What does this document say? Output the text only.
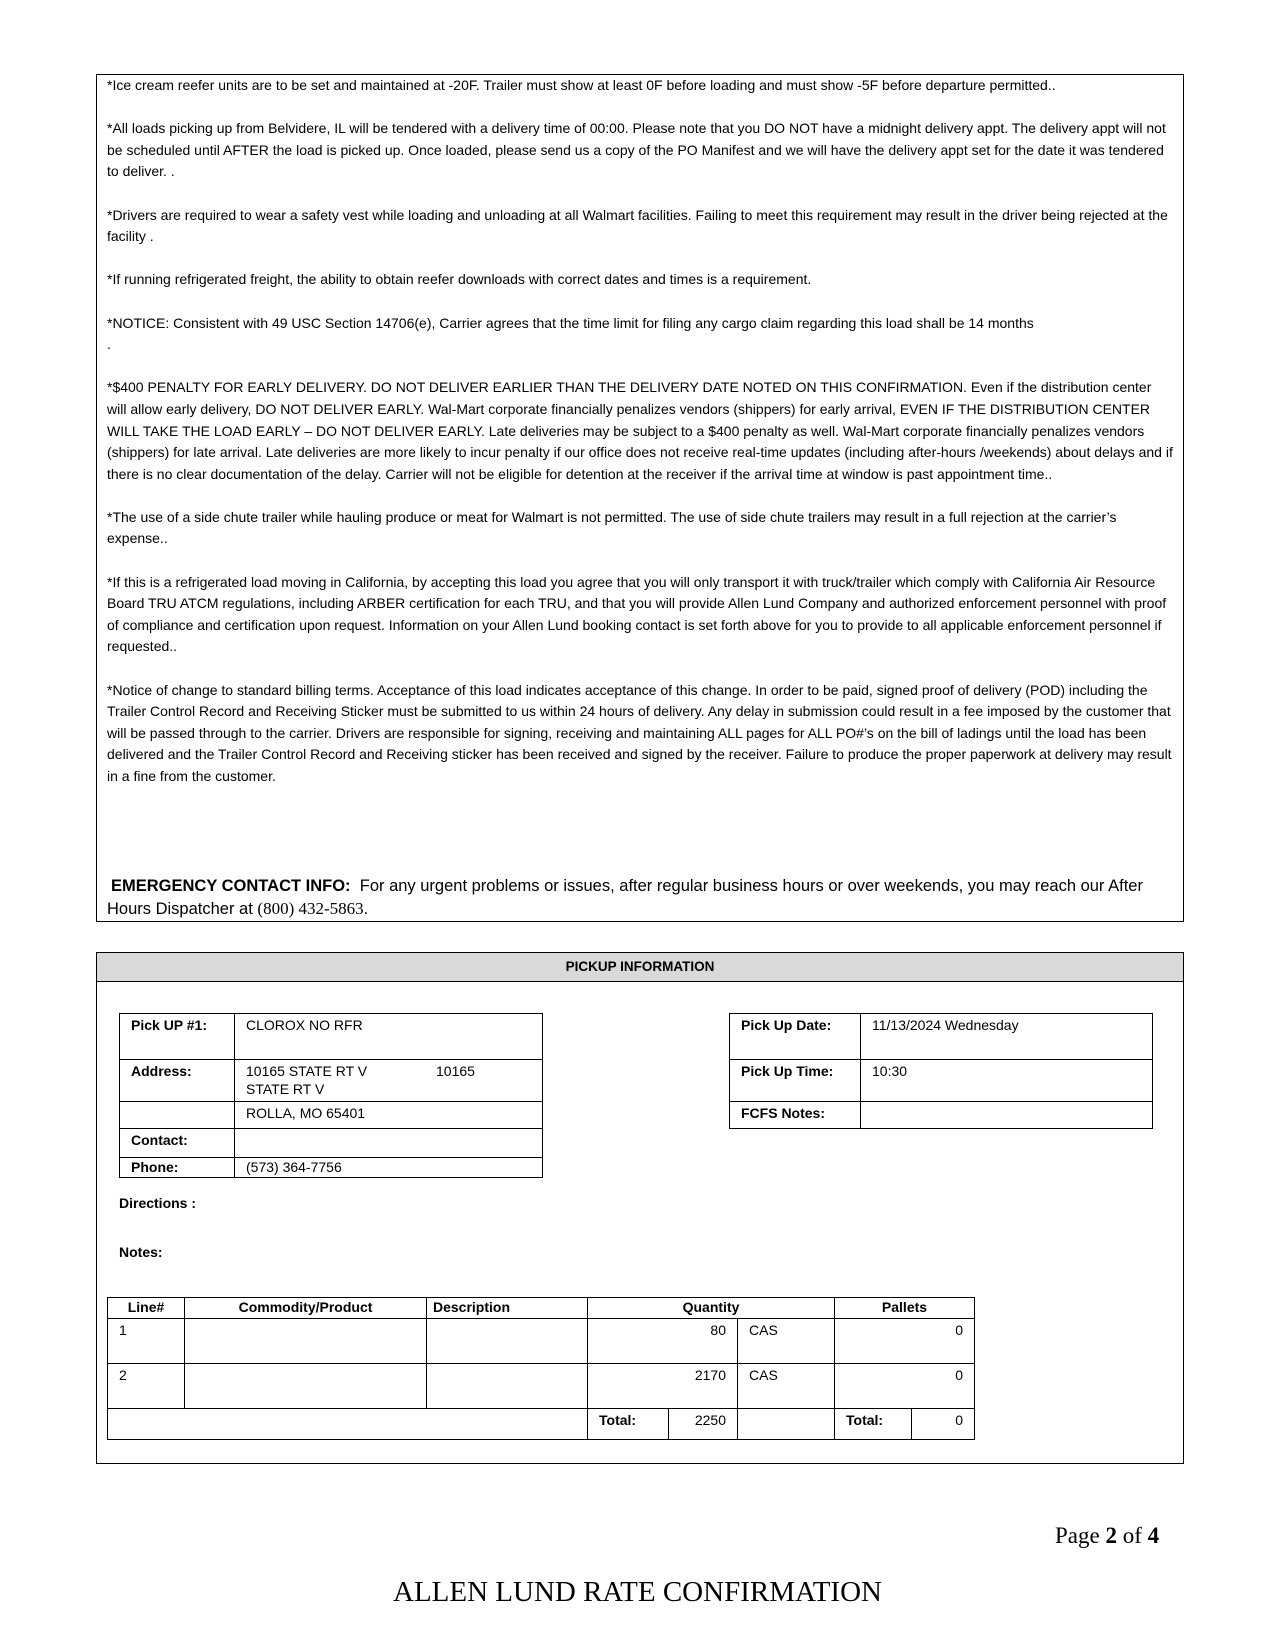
*Ice cream reefer units are to be set and maintained at -20F. Trailer must show at least 0F before loading and must show -5F before departure permitted..

*All loads picking up from Belvidere, IL will be tendered with a delivery time of 00:00. Please note that you DO NOT have a midnight delivery appt. The delivery appt will not be scheduled until AFTER the load is picked up. Once loaded, please send us a copy of the PO Manifest and we will have the delivery appt set for the date it was tendered to deliver. .

*Drivers are required to wear a safety vest while loading and unloading at all Walmart facilities. Failing to meet this requirement may result in the driver being rejected at the facility .

*If running refrigerated freight, the ability to obtain reefer downloads with correct dates and times is a requirement.

*NOTICE: Consistent with 49 USC Section 14706(e), Carrier agrees that the time limit for filing any cargo claim regarding this load shall be 14 months
.

*$400 PENALTY FOR EARLY DELIVERY. DO NOT DELIVER EARLIER THAN THE DELIVERY DATE NOTED ON THIS CONFIRMATION. Even if the distribution center will allow early delivery, DO NOT DELIVER EARLY. Wal-Mart corporate financially penalizes vendors (shippers) for early arrival, EVEN IF THE DISTRIBUTION CENTER WILL TAKE THE LOAD EARLY – DO NOT DELIVER EARLY. Late deliveries may be subject to a $400 penalty as well. Wal-Mart corporate financially penalizes vendors (shippers) for late arrival. Late deliveries are more likely to incur penalty if our office does not receive real-time updates (including after-hours /weekends) about delays and if there is no clear documentation of the delay. Carrier will not be eligible for detention at the receiver if the arrival time at window is past appointment time..

*The use of a side chute trailer while hauling produce or meat for Walmart is not permitted. The use of side chute trailers may result in a full rejection at the carrier’s expense..

*If this is a refrigerated load moving in California, by accepting this load you agree that you will only transport it with truck/trailer which comply with California Air Resource Board TRU ATCM regulations, including ARBER certification for each TRU, and that you will provide Allen Lund Company and authorized enforcement personnel with proof of compliance and certification upon request. Information on your Allen Lund booking contact is set forth above for you to provide to all applicable enforcement personnel if requested..

*Notice of change to standard billing terms. Acceptance of this load indicates acceptance of this change. In order to be paid, signed proof of delivery (POD) including the Trailer Control Record and Receiving Sticker must be submitted to us within 24 hours of delivery. Any delay in submission could result in a fee imposed by the customer that will be passed through to the carrier. Drivers are responsible for signing, receiving and maintaining ALL pages for ALL PO#’s on the bill of ladings until the load has been delivered and the Trailer Control Record and Receiving sticker has been received and signed by the receiver. Failure to produce the proper paperwork at delivery may result in a fine from the customer.

EMERGENCY CONTACT INFO: For any urgent problems or issues, after regular business hours or over weekends, you may reach our After Hours Dispatcher at (800) 432-5863.
PICKUP INFORMATION
Pick UP #1:	CLOROX NO RFR
Address:	10165 STATE RT V 10165
STATE RT V

	ROLLA, MO 65401
Contact:	
Phone:	(573) 364-7756
Pick Up Date:	11/13/2024 Wednesday
Pick Up Time:	10:30
FCFS Notes:	
Directions :
Notes:
Line#	Commodity/Product	Description	Quantity			Pallets	
1			80		CAS	0	
2			2170		CAS	0	
			Total:	2250		Total:	0
Page 2 of 4
ALLEN LUND RATE CONFIRMATION
